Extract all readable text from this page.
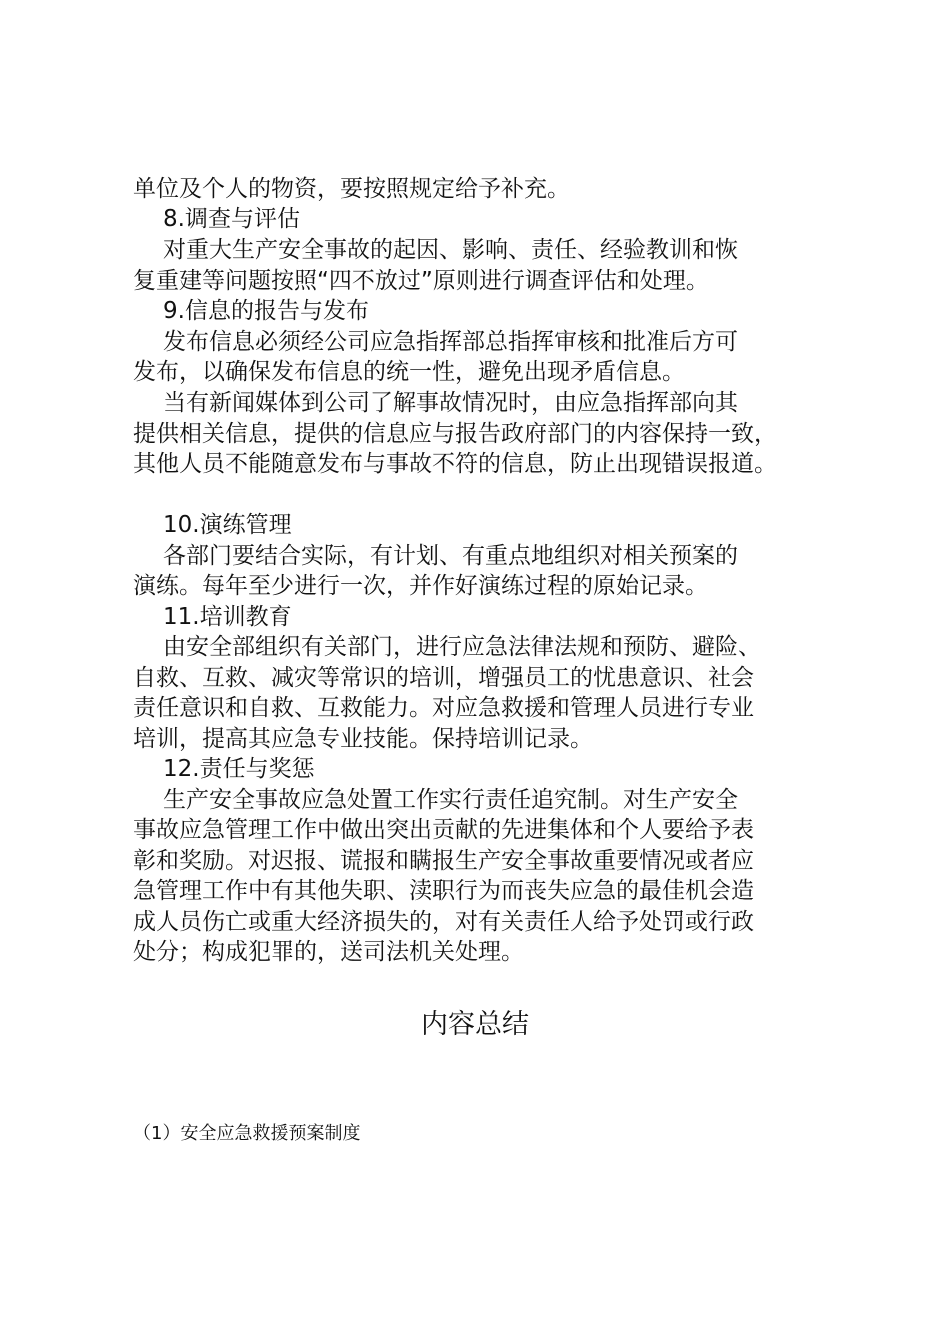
单位及个人的物资，要按照规定给予补充。
8.调查与评估
对重大生产安全事故的起因、影响、责任、经验教训和恢
复重建等问题按照“四不放过”原则进行调查评估和处理。
9.信息的报告与发布
发布信息必须经公司应急指挥部总指挥审核和批准后方可
发布，以确保发布信息的统一性，避免出现矛盾信息。
当有新闻媒体到公司了解事故情况时，由应急指挥部向其
提供相关信息，提供的信息应与报告政府部门的内容保持一致，
其他人员不能随意发布与事故不符的信息，防止出现错误报道。
10.演练管理
各部门要结合实际，有计划、有重点地组织对相关预案的
演练。每年至少进行一次，并作好演练过程的原始记录。
11.培训教育
由安全部组织有关部门，进行应急法律法规和预防、避险、
自救、互救、减灾等常识的培训，增强员工的忧患意识、社会
责任意识和自救、互救能力。对应急救援和管理人员进行专业
培训，提高其应急专业技能。保持培训记录。
12.责任与奖惩
生产安全事故应急处置工作实行责任追究制。对生产安全
事故应急管理工作中做出突出贡献的先进集体和个人要给予表
彰和奖励。对迟报、谎报和瞒报生产安全事故重要情况或者应
急管理工作中有其他失职、渎职行为而丧失应急的最佳机会造
成人员伤亡或重大经济损失的，对有关责任人给予处罚或行政
处分；构成犯罪的，送司法机关处理。
内容总结
（1）安全应急救援预案制度
